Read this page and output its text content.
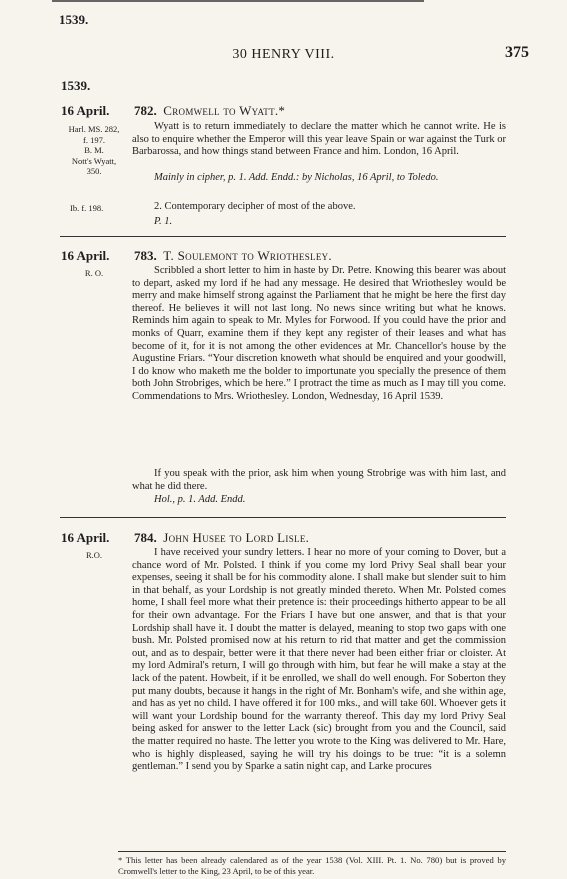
1539.
30 HENRY VIII.	375
1539.
16 April. 782. Cromwell to Wyatt.*
Harl. MS. 282,
f. 197.
B. M.
Nott's Wyatt,
350.

Wyatt is to return immediately to declare the matter which he cannot write. He is also to enquire whether the Emperor will this year leave Spain or war against the Turk or Barbarossa, and how things stand between France and him. London, 16 April.

Mainly in cipher, p. 1. Add. Endd.: by Nicholas, 16 April, to Toledo.

Ib. f. 198.	2. Contemporary decipher of most of the above.

P. 1.

16 April. 783. T. Soulemont to Wriothesley.
R. O.	Scribbled a short letter to him in haste by Dr. Petre. Knowing this bearer was about to depart, asked my lord if he had any message. He desired that Wriothesley would be merry and make himself strong against the Parliament that he might be here the first day thereof. He believes it will not last long. No news since writing but what he knows. Reminds him again to speak to Mr. Myles for Forwood. If you could have the prior and monks of Quarr, examine them if they kept any register of their leases and what has become of it, for it is not among the other evidences at Mr. Chancellor's house by the Augustine Friars. “Your discretion knoweth what should be enquired and your goodwill, I do know who maketh me the bolder to importunate you specially the presence of them both John Strobriges, which be here.” I protract the time as much as I may till you come. Commendations to Mrs. Wriothesley. London, Wednesday, 16 April 1539.

If you speak with the prior, ask him when young Strobrige was with him last, and what he did there.

Hol., p. 1. Add. Endd.

16 April. 784. John Husee to Lord Lisle.
R.O.	I have received your sundry letters. I hear no more of your coming to Dover, but a chance word of Mr. Polsted. I think if you come my lord Privy Seal shall bear your expenses, seeing it shall be for his commodity alone. I shall make but slender suit to him in that behalf, as your Lordship is not greatly minded thereto. When Mr. Polsted comes home, I shall feel more what their pretence is: their proceedings hitherto appear to be all for their own advantage. For the Friars I have but one answer, and that is that your Lordship shall have it. I doubt the matter is delayed, meaning to stop two gaps with one bush. Mr. Polsted promised now at his return to rid that matter and get the commission out, and as to despair, better were it that there never had been either friar or cloister. At my lord Admiral's return, I will go through with him, but fear he will make a stay at the lack of the patent. Howbeit, if it be enrolled, we shall do well enough. For Soberton they put many doubts, because it hangs in the right of Mr. Bonham's wife, and she within age, and has as yet no child. I have offered it for 100 mks., and will take 60l. Whoever gets it will want your Lordship bound for the warranty thereof. This day my lord Privy Seal being asked for answer to the letter Lack (sic) brought from you and the Council, said the matter required no haste. The letter you wrote to the King was delivered to Mr. Hare, who is highly displeased, saying he will try his doings to be true: “it is a solemn gentleman.” I send you by Sparke a satin night cap, and Larke procures

* This letter has been already calendared as of the year 1538 (Vol. XIII. Pt. 1. No. 780) but is proved by Cromwell's letter to the King, 23 April, to be of this year.
